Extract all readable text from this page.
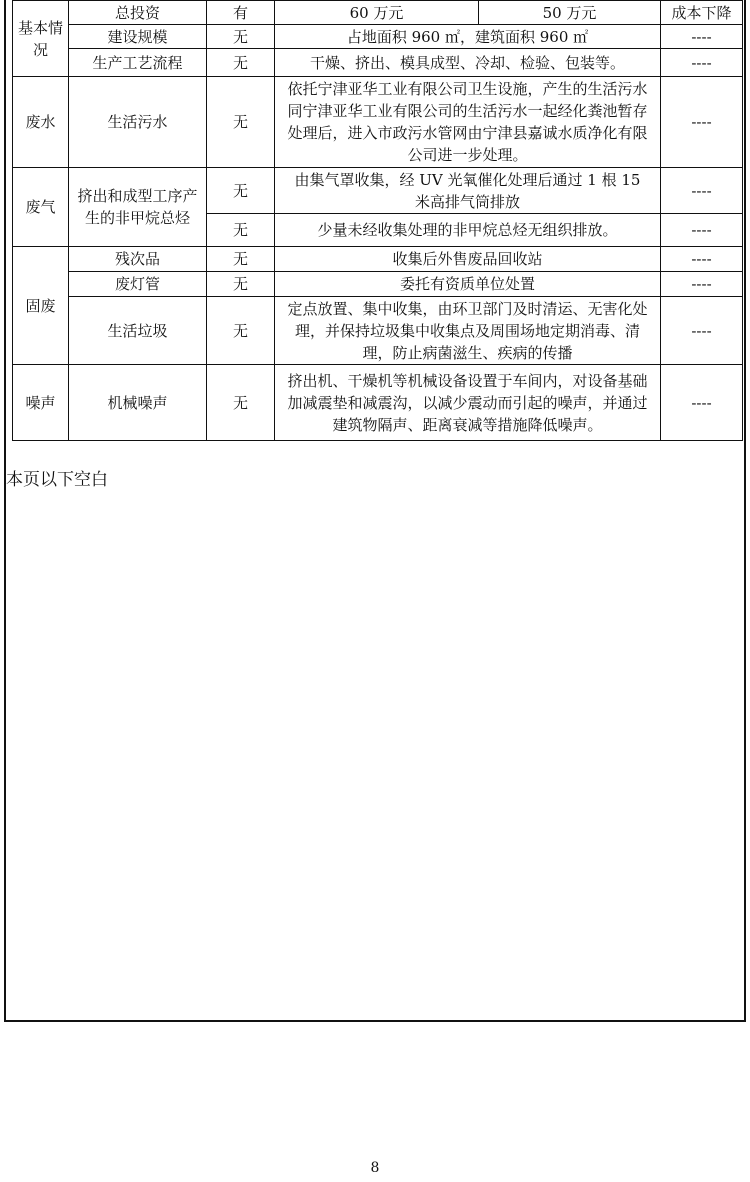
基本情况	总投资	有	60 万元	50 万元	成本下降
	建设规模	无	占地面积 960 ㎡，建筑面积 960 ㎡		----
	生产工艺流程	无	干燥、挤出、模具成型、冷却、检验、包装等。		----
废水	生活污水	无	依托宁津亚华工业有限公司卫生设施，产生的生活污水同宁津亚华工业有限公司的生活污水一起经化粪池暂存处理后，进入市政污水管网由宁津县嘉诚水质净化有限公司进一步处理。		----
废气	挤出和成型工序产生的非甲烷总烃	无	由集气罩收集，经 UV 光氧催化处理后通过 1 根 15 米高排气筒排放		----
		无	少量未经收集处理的非甲烷总烃无组织排放。		----
固废	残次品	无	收集后外售废品回收站		----
	废灯管	无	委托有资质单位处置		----
	生活垃圾	无	定点放置、集中收集，由环卫部门及时清运、无害化处理，并保持垃圾集中收集点及周围场地定期消毒、清理，防止病菌滋生、疾病的传播		----
噪声	机械噪声	无	挤出机、干燥机等机械设备设置于车间内，对设备基础加减震垫和减震沟，以减少震动而引起的噪声，并通过建筑物隔声、距离衰减等措施降低噪声。		----
本页以下空白
8
